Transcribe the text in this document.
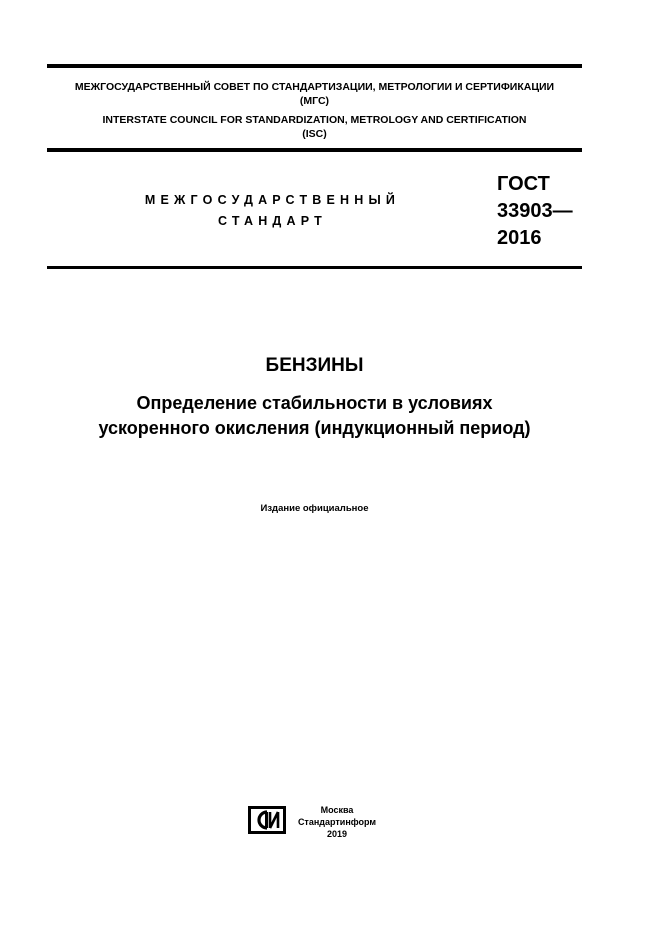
МЕЖГОСУДАРСТВЕННЫЙ СОВЕТ ПО СТАНДАРТИЗАЦИИ, МЕТРОЛОГИИ И СЕРТИФИКАЦИИ
(МГС)
INTERSTATE COUNCIL FOR STANDARDIZATION, METROLOGY AND CERTIFICATION
(ISC)
МЕЖГОСУДАРСТВЕННЫЙ
СТАНДАРТ
ГОСТ
33903—
2016
БЕНЗИНЫ
Определение стабильности в условиях
ускоренного окисления (индукционный период)
Издание официальное
Москва
Стандартинформ
2019
